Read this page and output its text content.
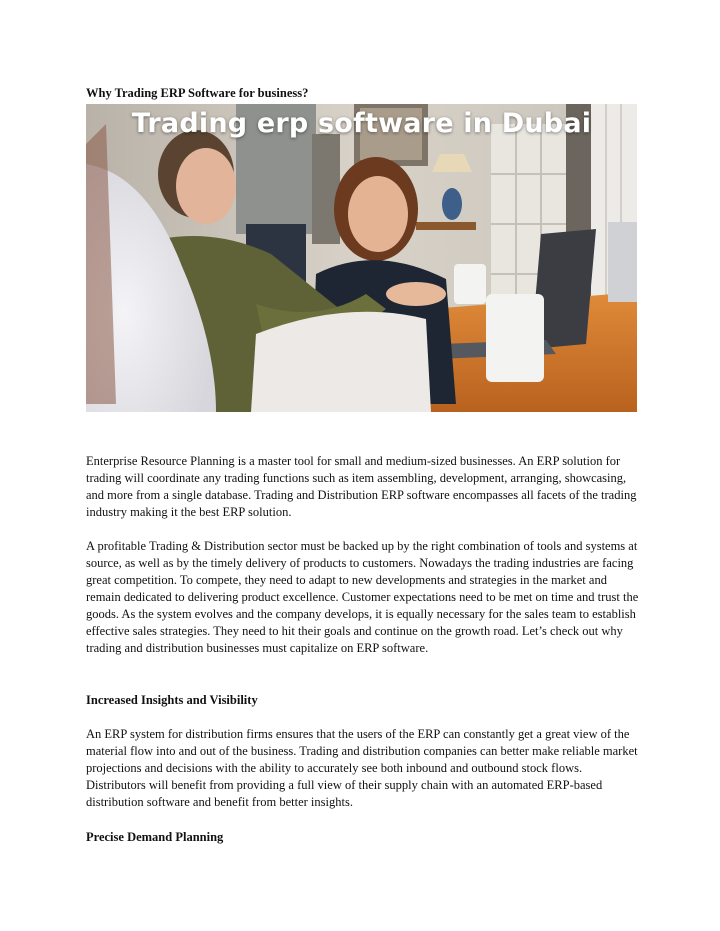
Why Trading ERP Software for business?
Trading erp software in Dubai

Enterprise Resource Planning is a master tool for small and medium-sized businesses. An ERP solution for trading will coordinate any trading functions such as item assembling, development, arranging, showcasing, and more from a single database. Trading and Distribution ERP software encompasses all facets of the trading industry making it the best ERP solution.

A profitable Trading & Distribution sector must be backed up by the right combination of tools and systems at source, as well as by the timely delivery of products to customers. Nowadays the trading industries are facing great competition. To compete, they need to adapt to new developments and strategies in the market and remain dedicated to delivering product excellence. Customer expectations need to be met on time and trust the goods. As the system evolves and the company develops, it is equally necessary for the sales team to establish effective sales strategies. They need to hit their goals and continue on the growth road. Let’s check out why trading and distribution businesses must capitalize on ERP software.

Increased Insights and Visibility

An ERP system for distribution firms ensures that the users of the ERP can constantly get a great view of the material flow into and out of the business. Trading and distribution companies can better make reliable market projections and decisions with the ability to accurately see both inbound and outbound stock flows. Distributors will benefit from providing a full view of their supply chain with an automated ERP-based distribution software and benefit from better insights.

Precise Demand Planning
